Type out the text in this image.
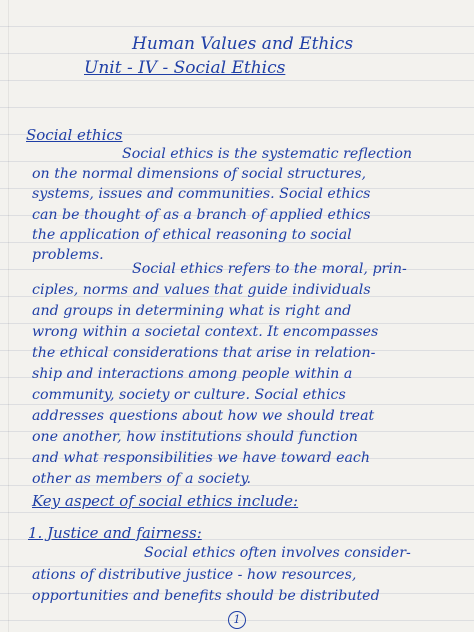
Human Values and Ethics
Unit - IV - Social Ethics
Social ethics
Social ethics is the systematic reflection
on the normal dimensions of social structures,
systems, issues and communities. Social ethics
can be thought of as a branch of applied ethics
the application of ethical reasoning to social
problems.
Social ethics refers to the moral, prin-
ciples, norms and values that guide individuals
and groups in determining what is right and
wrong within a societal context. It encompasses
the ethical considerations that arise in relation-
ship and interactions among people within a
community, society or culture. Social ethics
addresses questions about how we should treat
one another, how institutions should function
and what responsibilities we have toward each
other as members of a society.
Key aspect of social ethics include:
1. Justice and fairness:
Social ethics often involves consider-
ations of distributive justice - how resources,
opportunities and benefits should be distributed
1
